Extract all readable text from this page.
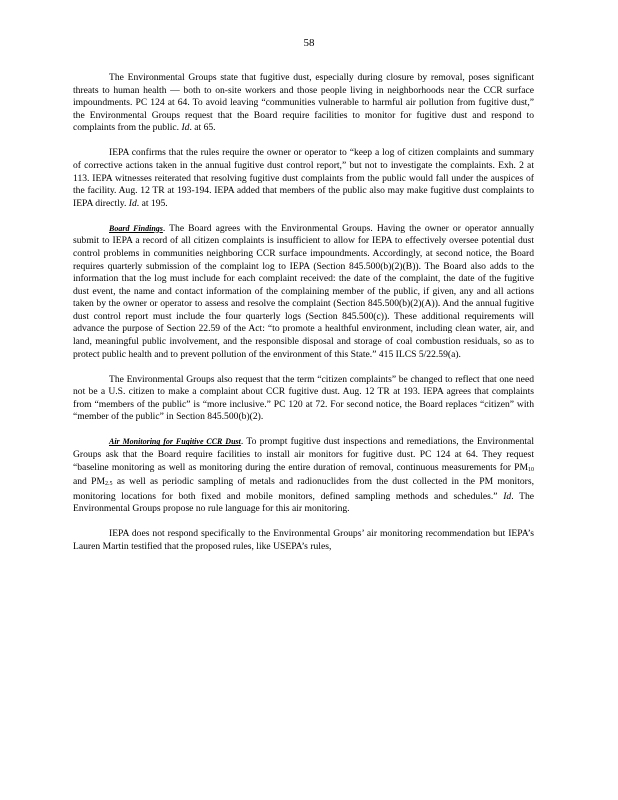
58

The Environmental Groups state that fugitive dust, especially during closure by removal, poses significant threats to human health — both to on-site workers and those people living in neighborhoods near the CCR surface impoundments. PC 124 at 64. To avoid leaving “communities vulnerable to harmful air pollution from fugitive dust,” the Environmental Groups request that the Board require facilities to monitor for fugitive dust and respond to complaints from the public. Id. at 65.

IEPA confirms that the rules require the owner or operator to “keep a log of citizen complaints and summary of corrective actions taken in the annual fugitive dust control report,” but not to investigate the complaints. Exh. 2 at 113. IEPA witnesses reiterated that resolving fugitive dust complaints from the public would fall under the auspices of the facility. Aug. 12 TR at 193-194. IEPA added that members of the public also may make fugitive dust complaints to IEPA directly. Id. at 195.

Board Findings. The Board agrees with the Environmental Groups. Having the owner or operator annually submit to IEPA a record of all citizen complaints is insufficient to allow for IEPA to effectively oversee potential dust control problems in communities neighboring CCR surface impoundments. Accordingly, at second notice, the Board requires quarterly submission of the complaint log to IEPA (Section 845.500(b)(2)(B)). The Board also adds to the information that the log must include for each complaint received: the date of the complaint, the date of the fugitive dust event, the name and contact information of the complaining member of the public, if given, any and all actions taken by the owner or operator to assess and resolve the complaint (Section 845.500(b)(2)(A)). And the annual fugitive dust control report must include the four quarterly logs (Section 845.500(c)). These additional requirements will advance the purpose of Section 22.59 of the Act: “to promote a healthful environment, including clean water, air, and land, meaningful public involvement, and the responsible disposal and storage of coal combustion residuals, so as to protect public health and to prevent pollution of the environment of this State.” 415 ILCS 5/22.59(a).

The Environmental Groups also request that the term “citizen complaints” be changed to reflect that one need not be a U.S. citizen to make a complaint about CCR fugitive dust. Aug. 12 TR at 193. IEPA agrees that complaints from “members of the public” is “more inclusive.” PC 120 at 72. For second notice, the Board replaces “citizen” with “member of the public” in Section 845.500(b)(2).

Air Monitoring for Fugitive CCR Dust. To prompt fugitive dust inspections and remediations, the Environmental Groups ask that the Board require facilities to install air monitors for fugitive dust. PC 124 at 64. They request “baseline monitoring as well as monitoring during the entire duration of removal, continuous measurements for $PM_{10}$ and $PM_{2.5}$ as well as periodic sampling of metals and radionuclides from the dust collected in the PM monitors, monitoring locations for both fixed and mobile monitors, defined sampling methods and schedules.” Id. The Environmental Groups propose no rule language for this air monitoring.

IEPA does not respond specifically to the Environmental Groups’ air monitoring recommendation but IEPA’s Lauren Martin testified that the proposed rules, like USEPA’s rules,
